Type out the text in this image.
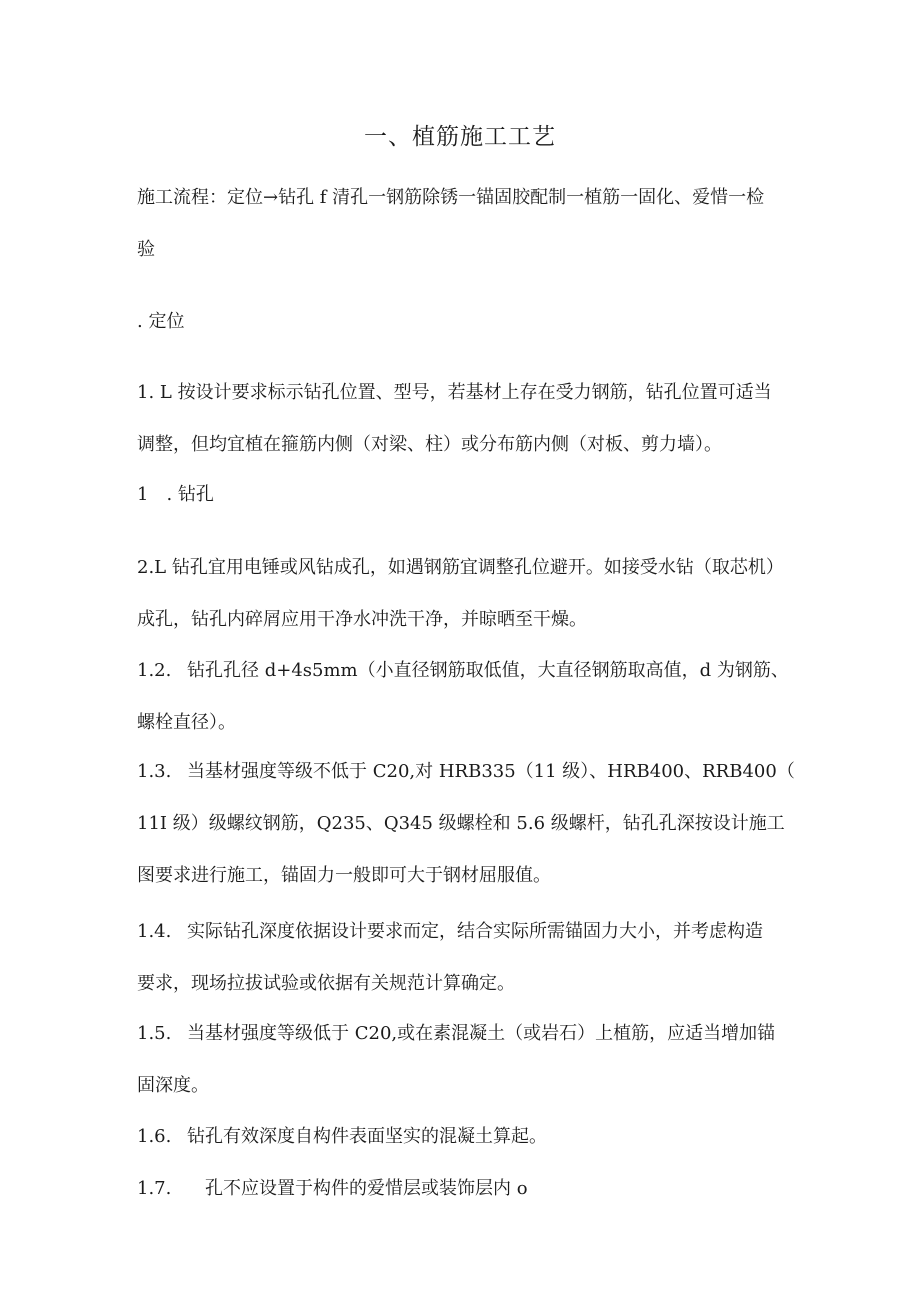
一、植筋施工工艺

施工流程：定位→钻孔 f 清孔一钢筋除锈一锚固胶配制一植筋一固化、爱惜一检
验

. 定位

1. L 按设计要求标示钻孔位置、型号，若基材上存在受力钢筋，钻孔位置可适当
调整，但均宜植在箍筋内侧（对梁、柱）或分布筋内侧（对板、剪力墙）。

1　. 钻孔

2.L 钻孔宜用电锤或风钻成孔，如遇钢筋宜调整孔位避开。如接受水钻（取芯机）
成孔，钻孔内碎屑应用干净水冲洗干净，并晾晒至干燥。

1.2. 钻孔孔径 d+4s5mm（小直径钢筋取低值，大直径钢筋取高值，d 为钢筋、
螺栓直径）。

1.3. 当基材强度等级不低于 C20,对 HRB335（11 级）、HRB400、RRB400（
11I 级）级螺纹钢筋，Q235、Q345 级螺栓和 5.6 级螺杆，钻孔孔深按设计施工
图要求进行施工，锚固力一般即可大于钢材屈服值。

1.4. 实际钻孔深度依据设计要求而定，结合实际所需锚固力大小，并考虑构造
要求，现场拉拔试验或依据有关规范计算确定。

1.5. 当基材强度等级低于 C20,或在素混凝土（或岩石）上植筋，应适当增加锚
固深度。

1.6. 钻孔有效深度自构件表面坚实的混凝土算起。

1.7. 孔不应设置于构件的爱惜层或装饰层内 o
